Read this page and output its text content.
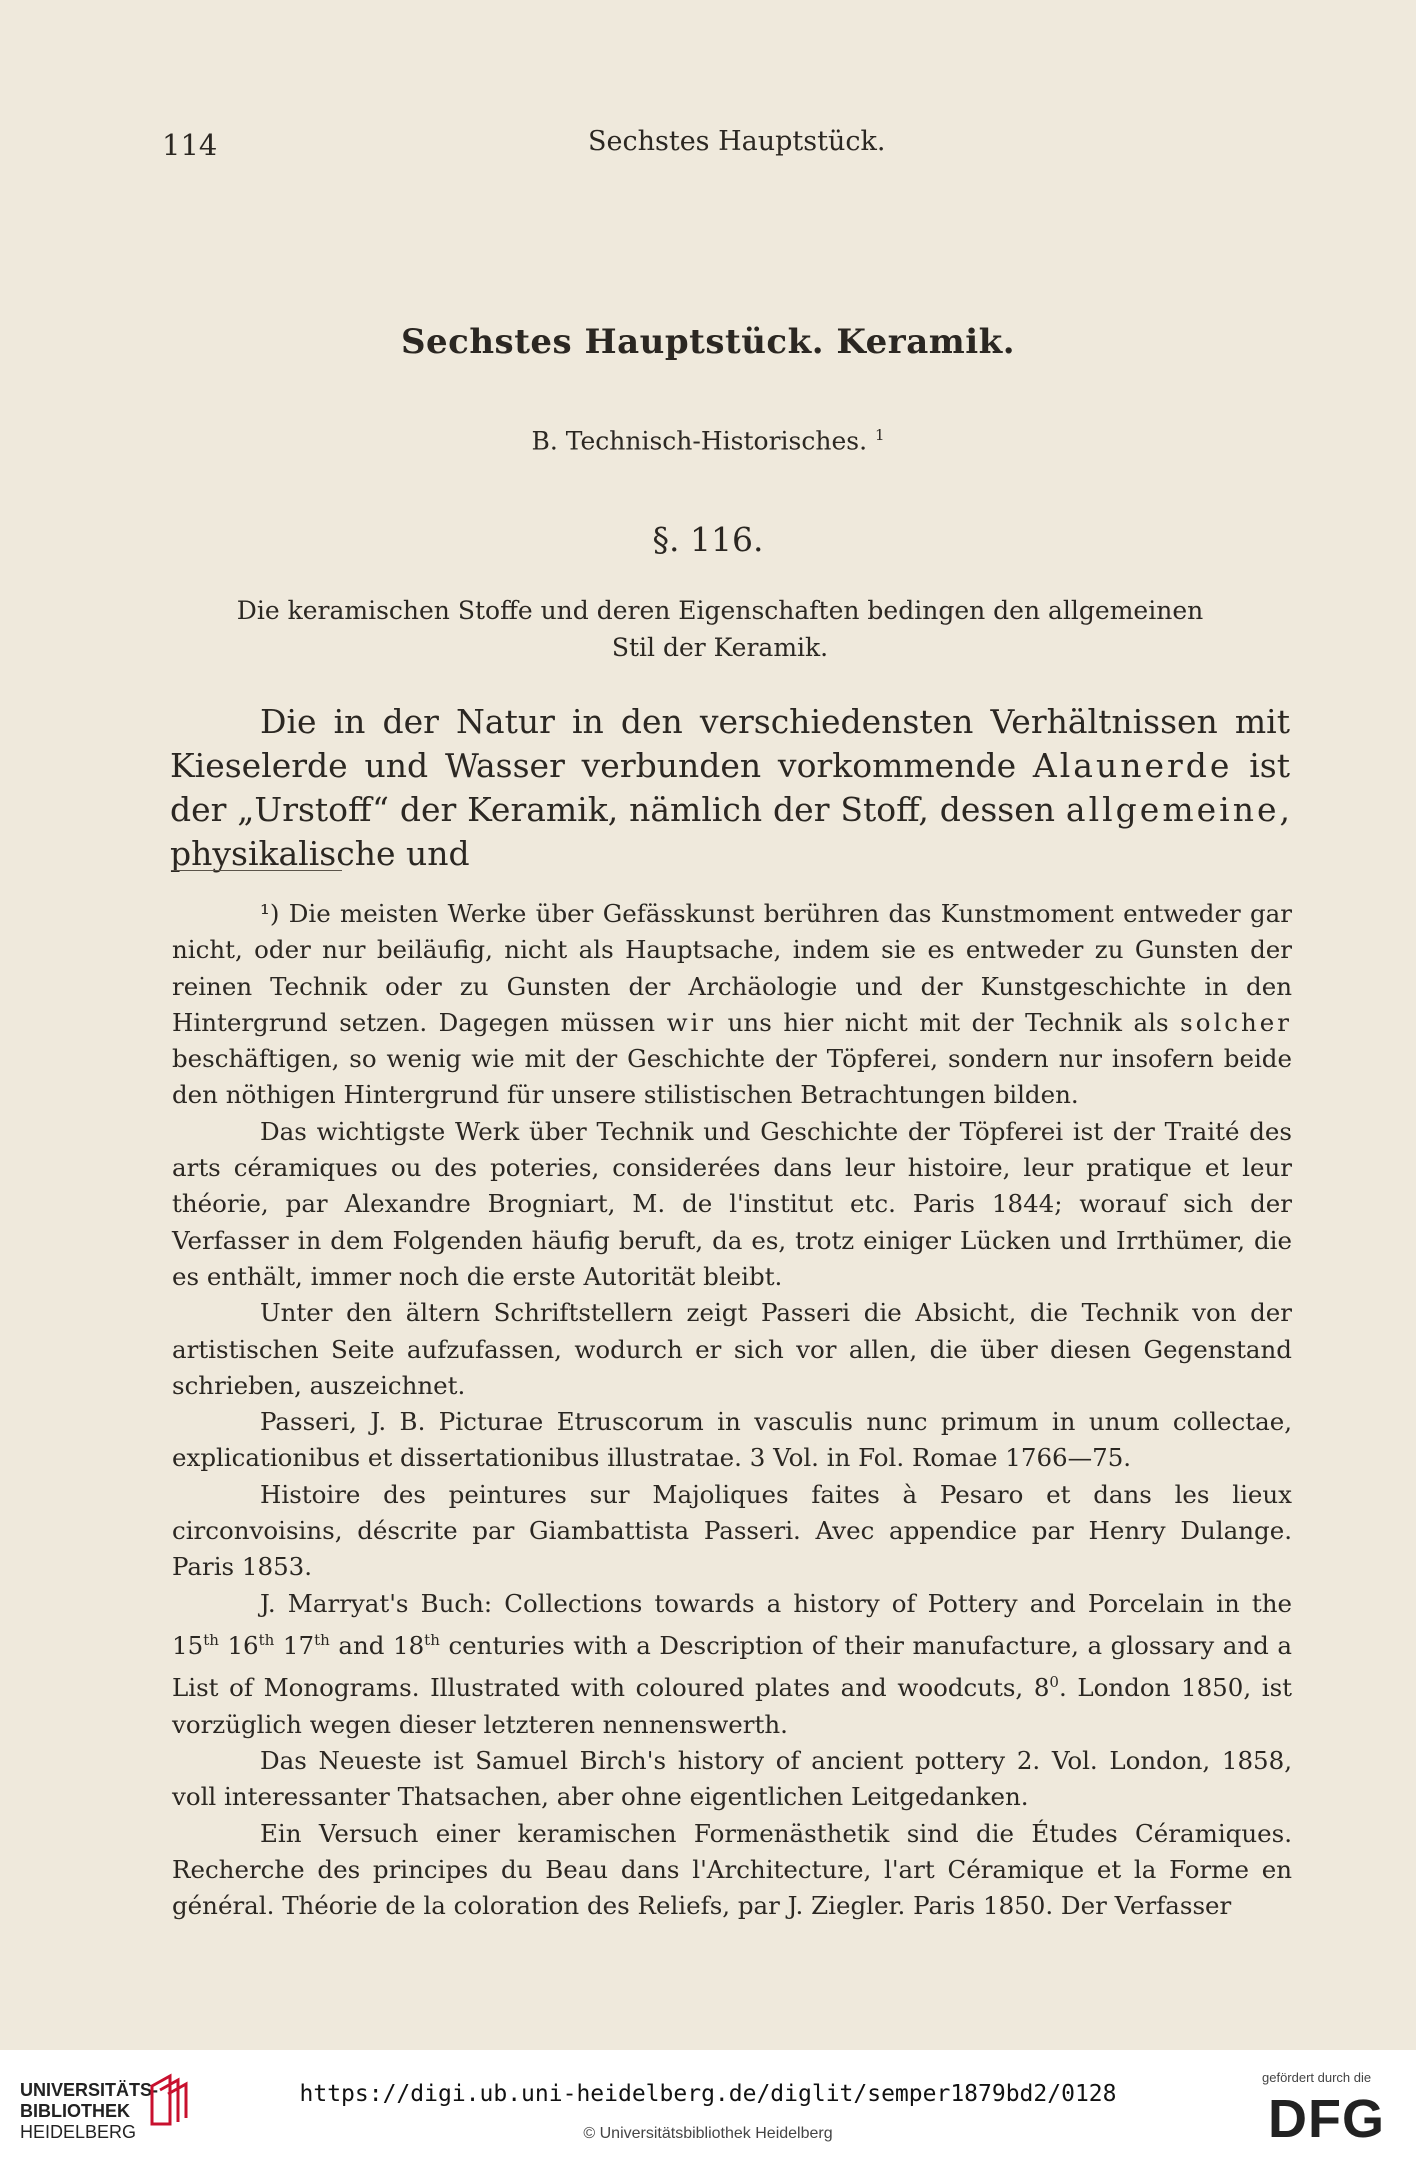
114	Sechstes Hauptstück.
Sechstes Hauptstück. Keramik.
B. Technisch-Historisches. $^1$
§. 116.
Die keramischen Stoffe und deren Eigenschaften bedingen den allgemeinen Stil der Keramik.
Die in der Natur in den verschiedensten Verhältnissen mit Kieselerde und Wasser verbunden vorkommende Alaunerde ist der „Urstoff“ der Keramik, nämlich der Stoff, dessen allgemeine, physikalische und

¹) Die meisten Werke über Gefässkunst berühren das Kunstmoment entweder gar nicht, oder nur beiläufig, nicht als Hauptsache, indem sie es entweder zu Gunsten der reinen Technik oder zu Gunsten der Archäologie und der Kunstgeschichte in den Hintergrund setzen. Dagegen müssen wir uns hier nicht mit der Technik als solcher beschäftigen, so wenig wie mit der Geschichte der Töpferei, sondern nur insofern beide den nöthigen Hintergrund für unsere stilistischen Betrachtungen bilden.

Das wichtigste Werk über Technik und Geschichte der Töpferei ist der Traité des arts céramiques ou des poteries, considerées dans leur histoire, leur pratique et leur théorie, par Alexandre Brogniart, M. de l'institut etc. Paris 1844; worauf sich der Verfasser in dem Folgenden häufig beruft, da es, trotz einiger Lücken und Irrthümer, die es enthält, immer noch die erste Autorität bleibt.

Unter den ältern Schriftstellern zeigt Passeri die Absicht, die Technik von der artistischen Seite aufzufassen, wodurch er sich vor allen, die über diesen Gegenstand schrieben, auszeichnet.

Passeri, J. B. Picturae Etruscorum in vasculis nunc primum in unum collectae, explicationibus et dissertationibus illustratae. 3 Vol. in Fol. Romae 1766—75.

Histoire des peintures sur Majoliques faites à Pesaro et dans les lieux circonvoisins, déscrite par Giambattista Passeri. Avec appendice par Henry Dulange. Paris 1853.

J. Marryat's Buch: Collections towards a history of Pottery and Porcelain in the 15th 16th 17th and 18th centuries with a Description of their manufacture, a glossary and a List of Monograms. Illustrated with coloured plates and woodcuts, $8^0$. London 1850, ist vorzüglich wegen dieser letzteren nennenswerth.

Das Neueste ist Samuel Birch's history of ancient pottery 2. Vol. London, 1858, voll interessanter Thatsachen, aber ohne eigentlichen Leitgedanken.

Ein Versuch einer keramischen Formenästhetik sind die Études Céramiques. Recherche des principes du Beau dans l'Architecture, l'art Céramique et la Forme en général. Théorie de la coloration des Reliefs, par J. Ziegler. Paris 1850. Der Verfasser

UNIVERSITÄTS-
BIBLIOTHEK
HEIDELBERG
https://digi.ub.uni-heidelberg.de/diglit/semper1879bd2/0128
© Universitätsbibliothek Heidelberg
gefördert durch die
DFG
